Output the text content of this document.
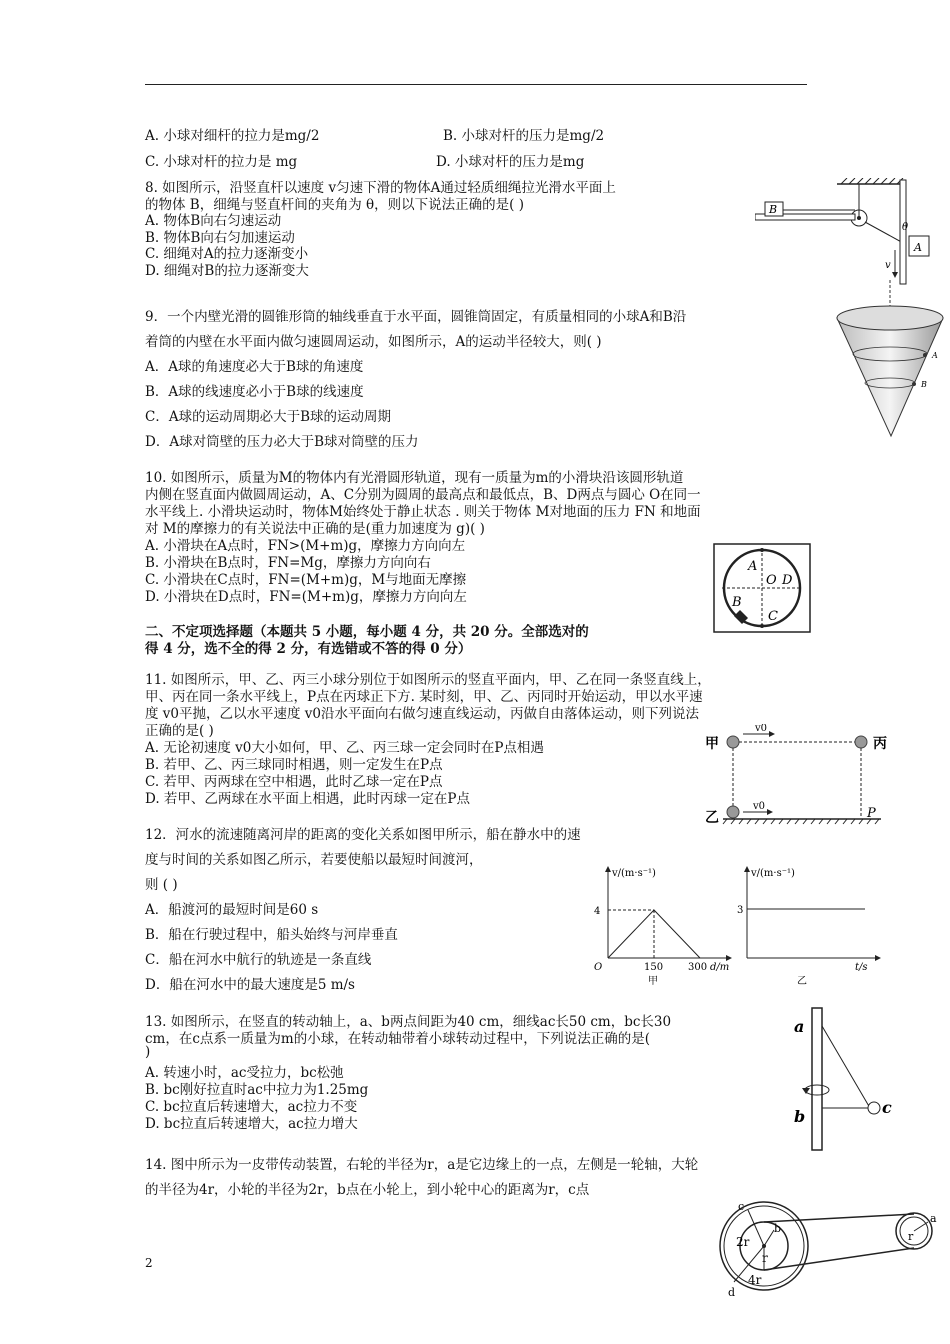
A. 小球对细杆的拉力是mg/2	B. 小球对杆的压力是mg/2
C. 小球对杆的拉力是 mg	D. 小球对杆的压力是mg
8. 如图所示，沿竖直杆以速度 v匀速下滑的物体A通过轻质细绳拉光滑水平面上
的物体 B，细绳与竖直杆间的夹角为 θ，则以下说法正确的是( )
A. 物体B向右匀速运动
B. 物体B向右匀加速运动
C. 细绳对A的拉力逐渐变小
D. 细绳对B的拉力逐渐变大
B
A
θ
v
9．一个内壁光滑的圆锥形筒的轴线垂直于水平面，圆锥筒固定，有质量相同的小球A和B沿
着筒的内壁在水平面内做匀速圆周运动，如图所示，A的运动半径较大，则( )
A．A球的角速度必大于B球的角速度
B．A球的线速度必小于B球的线速度
C．A球的运动周期必大于B球的运动周期
D．A球对筒壁的压力必大于B球对筒壁的压力
A
B
10. 如图所示，质量为M的物体内有光滑圆形轨道，现有一质量为m的小滑块沿该圆形轨道
内侧在竖直面内做圆周运动，A、C分别为圆周的最高点和最低点，B、D两点与圆心 O在同一
水平线上. 小滑块运动时，物体M始终处于静止状态 . 则关于物体 M对地面的压力 FN 和地面
对 M的摩擦力的有关说法中正确的是(重力加速度为 g)( )
A. 小滑块在A点时，FN>(M+m)g，摩擦力方向向左
B. 小滑块在B点时，FN=Mg，摩擦力方向向右
C. 小滑块在C点时，FN=(M+m)g，M与地面无摩擦
D. 小滑块在D点时，FN=(M+m)g，摩擦力方向向左
A
O D
B
C
二、不定项选择题（本题共 5 小题，每小题 4 分，共 20 分。全部选对的
得 4 分，选不全的得 2 分，有选错或不答的得 0 分）
11. 如图所示，甲、乙、丙三小球分别位于如图所示的竖直平面内，甲、乙在同一条竖直线上，
甲、丙在同一条水平线上，P点在丙球正下方. 某时刻，甲、乙、丙同时开始运动，甲以水平速
度 v0平抛，乙以水平速度 v0沿水平面向右做匀速直线运动，丙做自由落体运动，则下列说法
正确的是( )
A. 无论初速度 v0大小如何，甲、乙、丙三球一定会同时在P点相遇
B. 若甲、乙、丙三球同时相遇，则一定发生在P点
C. 若甲、丙两球在空中相遇，此时乙球一定在P点
D. 若甲、乙两球在水平面上相遇，此时丙球一定在P点
甲
v0
丙
乙
v0	P
12．河水的流速随离河岸的距离的变化关系如图甲所示，船在静水中的速
度与时间的关系如图乙所示，若要使船以最短时间渡河，
则 ( )
A．船渡河的最短时间是60 s
B．船在行驶过程中，船头始终与河岸垂直
C．船在河水中航行的轨迹是一条直线
D．船在河水中的最大速度是5 m/s
v/(m·s⁻¹)
4
O	150 300 d/m
甲
v/(m·s⁻¹)
3
t/s
乙
13. 如图所示，在竖直的转动轴上，a、b两点间距为40 cm，细线ac长50 cm，bc长30
cm，在c点系一质量为m的小球，在转动轴带着小球转动过程中，下列说法正确的是(
)
A. 转速小时，ac受拉力，bc松弛
B. bc刚好拉直时ac中拉力为1.25mg
C. bc拉直后转速增大，ac拉力不变
D. bc拉直后转速增大，ac拉力增大
a
b	c
14. 图中所示为一皮带传动装置，右轮的半径为r，a是它边缘上的一点，左侧是一轮轴，大轮
的半径为4r，小轮的半径为2r，b点在小轮上，到小轮中心的距离为r，c点
c
b
2r
r
4r
d
r
a
2
